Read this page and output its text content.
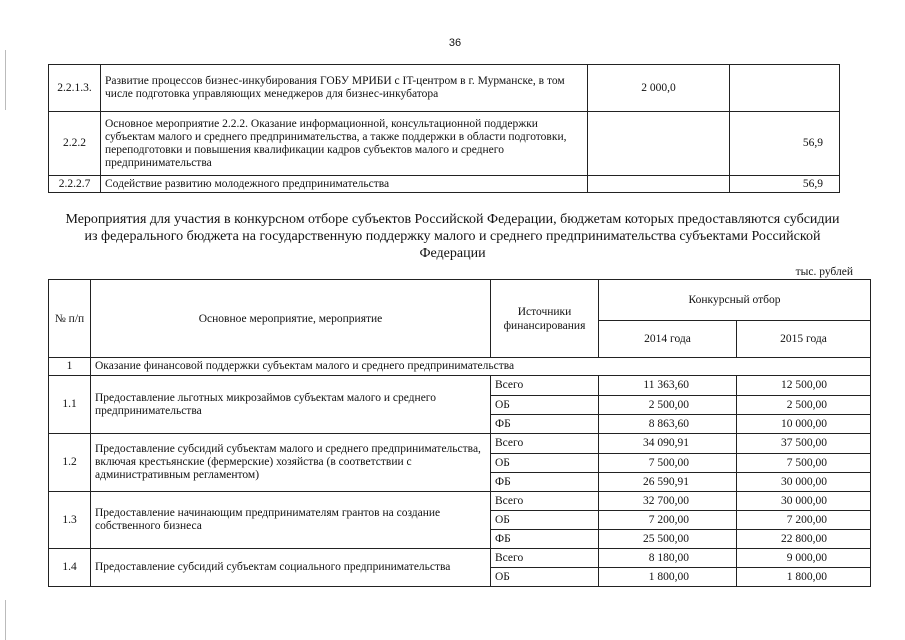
36
2.2.1.3.	Развитие процессов бизнес-инкубирования ГОБУ МРИБИ с IT-центром в г. Мурманске, в том числе подготовка управляющих менеджеров для бизнес-инкубатора	2 000,0	
2.2.2	Основное мероприятие 2.2.2. Оказание информационной, консультационной поддержки субъектам малого и среднего предпринимательства, а также поддержки в области подготовки, переподготовки и повышения квалификации кадров субъектов малого и среднего предпринимательства		56,9
2.2.2.7	Содействие развитию молодежного предпринимательства		56,9
Мероприятия для участия в конкурсном отборе субъектов Российской Федерации, бюджетам которых предоставляются субсидии из федерального бюджета на государственную поддержку малого и среднего предпринимательства субъектами Российской Федерации
тыс. рублей
№ п/п	Основное мероприятие, мероприятие	Источники финансирования	Конкурсный отбор	
			2014 года	2015 года
1	Оказание финансовой поддержки субъектам малого и среднего предпринимательства			
1.1	Предоставление льготных микрозаймов субъектам малого и среднего предпринимательства	Всего	11 363,60	12 500,00
		ОБ	2 500,00	2 500,00
		ФБ	8 863,60	10 000,00
1.2	Предоставление субсидий субъектам малого и среднего предпринимательства, включая крестьянские (фермерские) хозяйства (в соответствии с административным регламентом)	Всего	34 090,91	37 500,00
		ОБ	7 500,00	7 500,00
		ФБ	26 590,91	30 000,00
1.3	Предоставление начинающим предпринимателям грантов на создание собственного бизнеса	Всего	32 700,00	30 000,00
		ОБ	7 200,00	7 200,00
		ФБ	25 500,00	22 800,00
1.4	Предоставление субсидий субъектам социального предпринимательства	Всего	8 180,00	9 000,00
		ОБ	1 800,00	1 800,00
